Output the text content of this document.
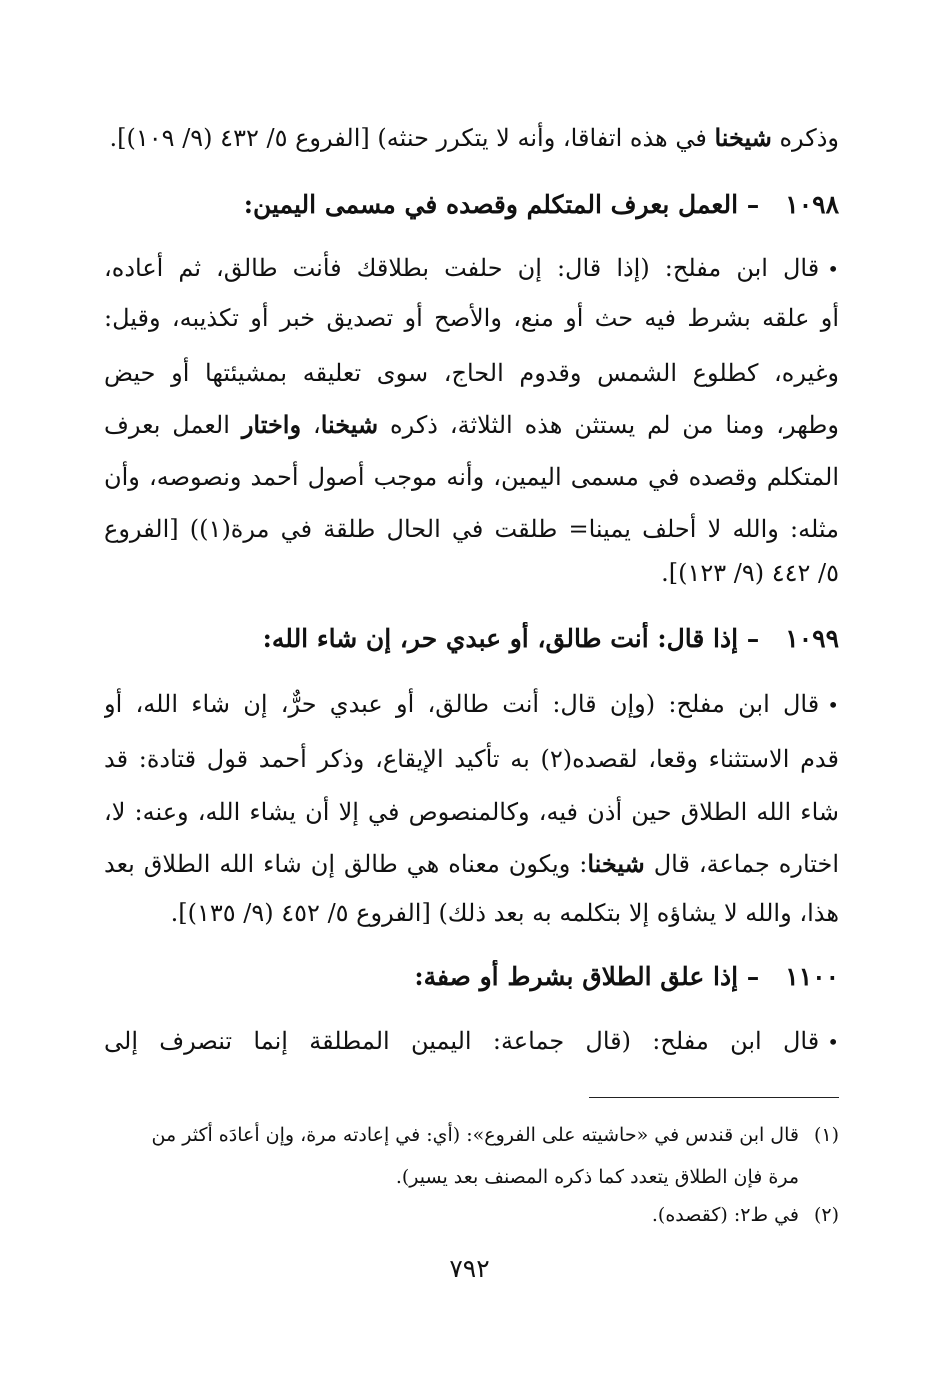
وذكره شيخنا في هذه اتفاقا، وأنه لا يتكرر حنثه) [الفروع ٥/ ٤٣٢ (٩/ ١٠٩)].
١٠٩٨– العمل بعرف المتكلم وقصده في مسمى اليمين:
•قال ابن مفلح: (إذا قال: إن حلفت بطلاقك فأنت طالق، ثم أعاده،
أو علقه بشرط فيه حث أو منع، والأصح أو تصديق خبر أو تكذيبه، وقيل:
وغيره، كطلوع الشمس وقدوم الحاج، سوى تعليقه بمشيئتها أو حيض
وطهر، ومنا من لم يستثن هذه الثلاثة، ذكره شيخنا، واختار العمل بعرف
المتكلم وقصده في مسمى اليمين، وأنه موجب أصول أحمد ونصوصه، وأن
مثله: والله لا أحلف يمينا= طلقت في الحال طلقة في مرة(١)) [الفروع
٥/ ٤٤٢ (٩/ ١٢٣)].
١٠٩٩– إذا قال: أنت طالق، أو عبدي حر، إن شاء الله:
•قال ابن مفلح: (وإن قال: أنت طالق، أو عبدي حرٌّ، إن شاء الله، أو
قدم الاستثناء وقعا، لقصده(٢) به تأكيد الإيقاع، وذكر أحمد قول قتادة: قد
شاء الله الطلاق حين أذن فيه، وكالمنصوص في إلا أن يشاء الله، وعنه: لا،
اختاره جماعة، قال شيخنا: ويكون معناه هي طالق إن شاء الله الطلاق بعد
هذا، والله لا يشاؤه إلا بتكلمه به بعد ذلك) [الفروع ٥/ ٤٥٢ (٩/ ١٣٥)].
١١٠٠– إذا علق الطلاق بشرط أو صفة:
•قال ابن مفلح: (قال جماعة: اليمين المطلقة إنما تنصرف إلى
(١)قال ابن قندس في «حاشيته على الفروع»: (أي: في إعادته مرة، وإن أعادَه أكثر من
مرة فإن الطلاق يتعدد كما ذكره المصنف بعد يسير).
(٢)في ط٢: (كقصده).
٧٩٢
